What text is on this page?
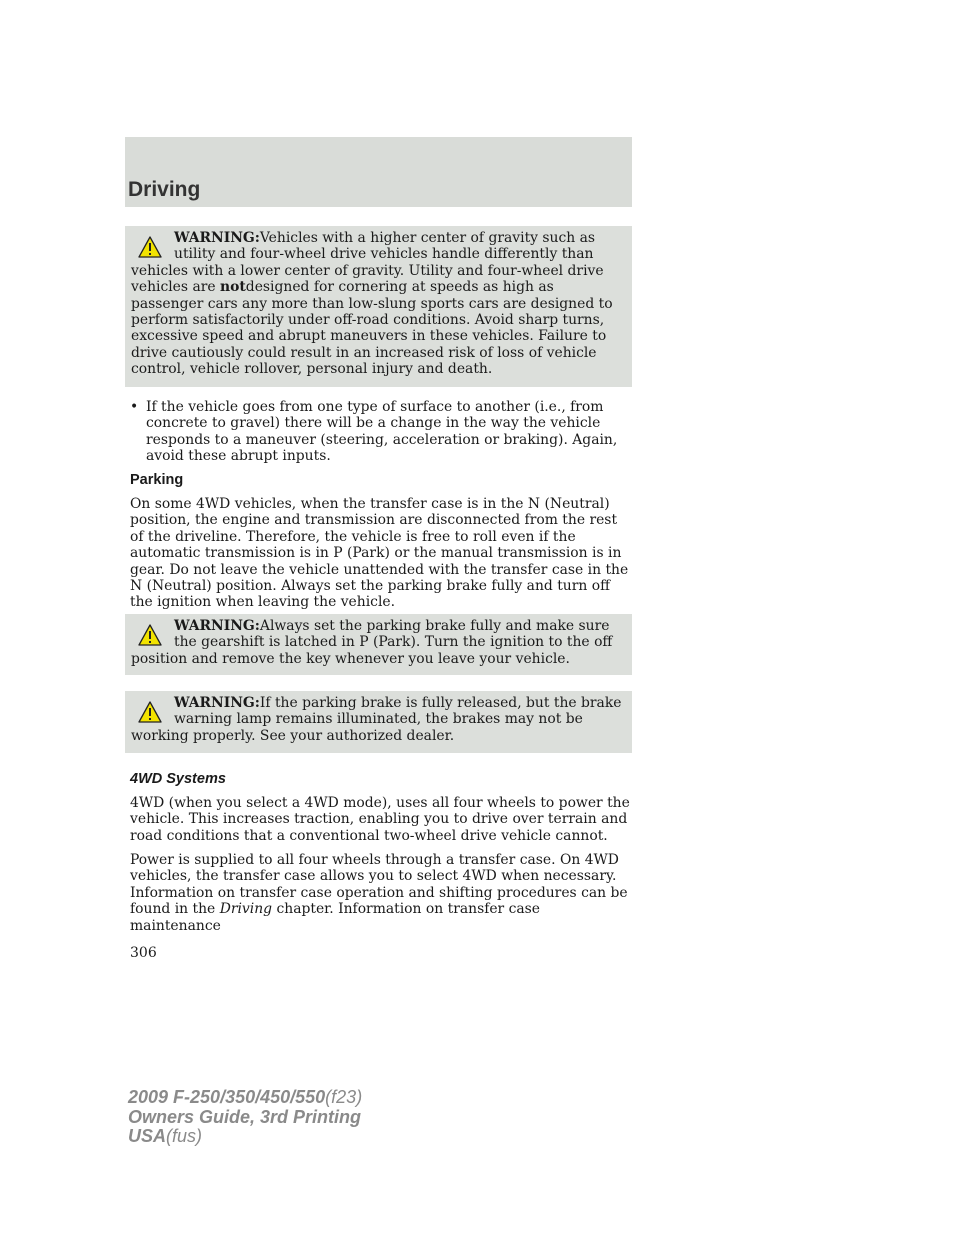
Driving

WARNING:Vehicles with a higher center of gravity such as utility and four-wheel drive vehicles handle differently than

vehicles with a lower center of gravity. Utility and four-wheel drive vehicles are notdesigned for cornering at speeds as high as passenger cars any more than low-slung sports cars are designed to perform satisfactorily under off-road conditions. Avoid sharp turns, excessive speed and abrupt maneuvers in these vehicles. Failure to drive cautiously could result in an increased risk of loss of vehicle control, vehicle rollover, personal injury and death.

• If the vehicle goes from one type of surface to another (i.e., from concrete to gravel) there will be a change in the way the vehicle responds to a maneuver (steering, acceleration or braking). Again, avoid these abrupt inputs.
Parking

On some 4WD vehicles, when the transfer case is in the N (Neutral) position, the engine and transmission are disconnected from the rest of the driveline. Therefore, the vehicle is free to roll even if the automatic transmission is in P (Park) or the manual transmission is in gear. Do not leave the vehicle unattended with the transfer case in the N (Neutral) position. Always set the parking brake fully and turn off the ignition when leaving the vehicle.

WARNING:Always set the parking brake fully and make sure the gearshift is latched in P (Park). Turn the ignition to the off

position and remove the key whenever you leave your vehicle.

WARNING:If the parking brake is fully released, but the brake warning lamp remains illuminated, the brakes may not be

working properly. See your authorized dealer.

4WD Systems

4WD (when you select a 4WD mode), uses all four wheels to power the vehicle. This increases traction, enabling you to drive over terrain and road conditions that a conventional two-wheel drive vehicle cannot.

Power is supplied to all four wheels through a transfer case. On 4WD vehicles, the transfer case allows you to select 4WD when necessary. Information on transfer case operation and shifting procedures can be found in the Driving chapter. Information on transfer case maintenance

306
2009 F-250/350/450/550(f23)
Owners Guide, 3rd Printing
USA(fus)
